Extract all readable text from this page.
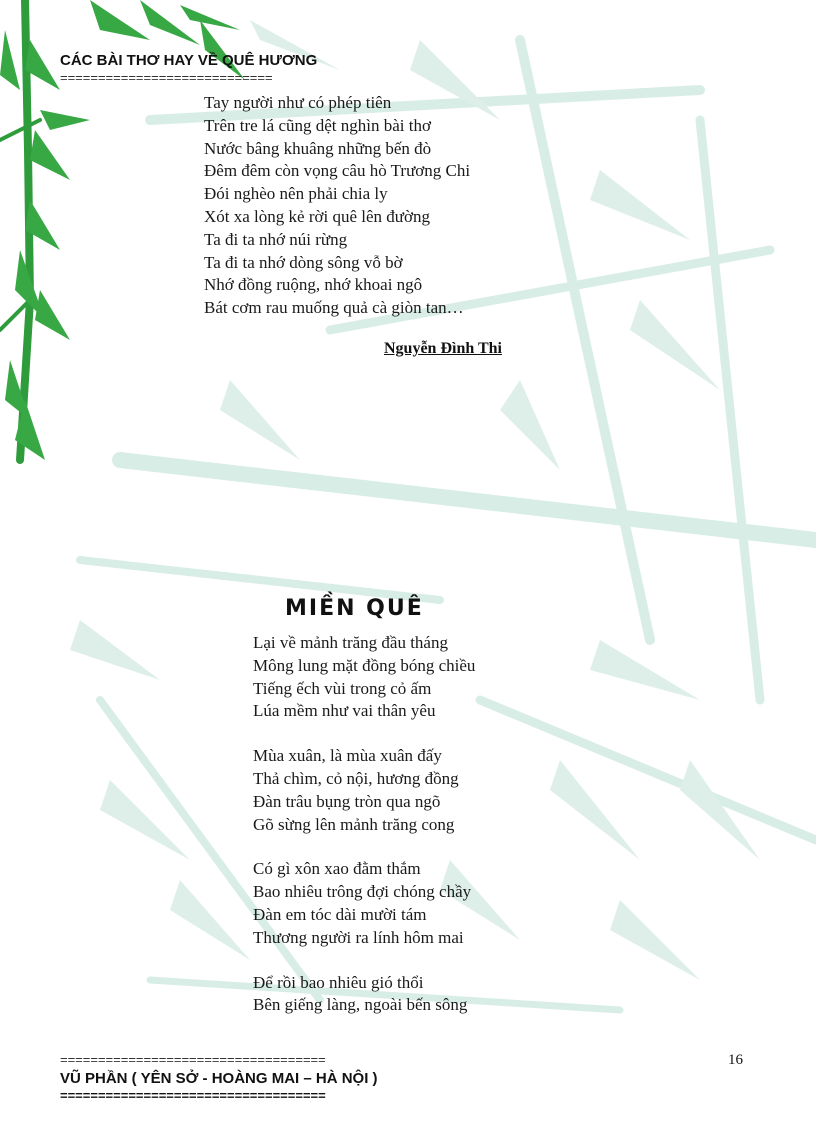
CÁC BÀI THƠ HAY VỀ QUÊ HƯƠNG
============================
Tay người như có phép tiên
Trên tre lá cũng dệt nghìn bài thơ
Nước bâng khuâng những bến đò
Đêm đêm còn vọng câu hò Trương Chi
Đói nghèo nên phải chia ly
Xót xa lòng kẻ rời quê lên đường
Ta đi ta nhớ núi rừng
Ta đi ta nhớ dòng sông vỗ bờ
Nhớ đồng ruộng, nhớ khoai ngô
Bát cơm rau muống quả cà giòn tan…
Nguyễn Đình Thi
MIỀN QUÊ
Lại về mảnh trăng đầu tháng
Mông lung mặt đồng bóng chiều
Tiếng ếch vùi trong cỏ ấm
Lúa mềm như vai thân yêu
Mùa xuân, là mùa xuân đấy
Thả chìm, cỏ nội, hương đồng
Đàn trâu bụng tròn qua ngõ
Gõ sừng lên mảnh trăng cong
Có gì xôn xao đằm thắm
Bao nhiêu trông đợi chóng chầy
Đàn em tóc dài mười tám
Thương người ra lính hôm mai
Để rồi bao nhiêu gió thổi
Bên giếng làng, ngoài bến sông
===================================	16
VŨ PHẦN ( YÊN SỞ - HOÀNG MAI – HÀ NỘI )
===================================
